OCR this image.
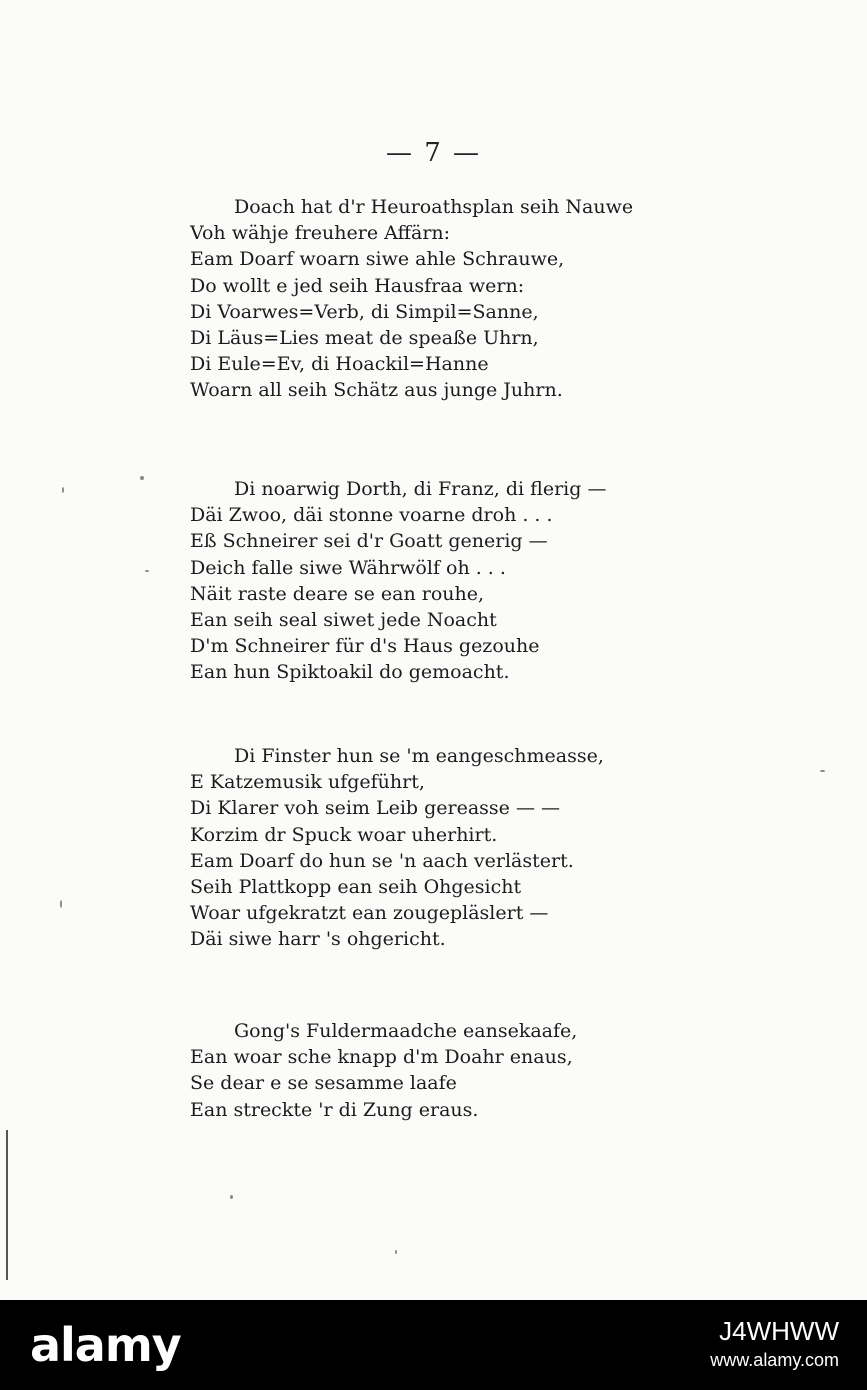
— 7 —
Doach hat d'r Heuroathsplan seih Nauwe
Voh wähje freuhere Affärn:
Eam Doarf woarn siwe ahle Schrauwe,
Do wollt e jed seih Hausfraa wern:
Di Voarwes=Verb, di Simpil=Sanne,
Di Läus=Lies meat de speaße Uhrn,
Di Eule=Ev, di Hoackil=Hanne
Woarn all seih Schätz aus junge Juhrn.
Di noarwig Dorth, di Franz, di flerig —
Däi Zwoo, däi stonne voarne droh . . .
Eß Schneirer sei d'r Goatt generig —
Deich falle siwe Währwölf oh . . .
Näit raste deare se ean rouhe,
Ean seih seal siwet jede Noacht
D'm Schneirer für d's Haus gezouhe
Ean hun Spiktoakil do gemoacht.
Di Finster hun se 'm eangeschmeasse,
E Katzemusik ufgeführt,
Di Klarer voh seim Leib gereasse — —
Korzim dr Spuck woar uherhirt.
Eam Doarf do hun se 'n aach verlästert.
Seih Plattkopp ean seih Ohgesicht
Woar ufgekratzt ean zougepläslert —
Däi siwe harr 's ohgericht.
Gong's Fuldermaadche eansekaafe,
Ean woar sche knapp d'm Doahr enaus,
Se dear e se sesamme laafe
Ean streckte 'r di Zung eraus.
alamy	J4WHWW
www.alamy.com
